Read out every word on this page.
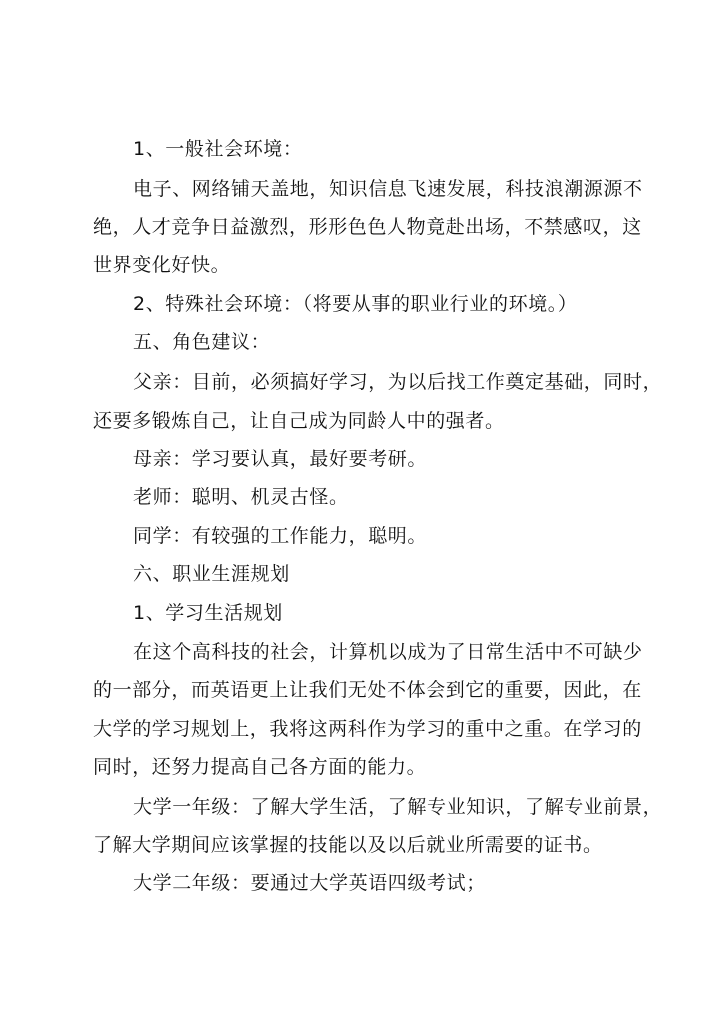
1、一般社会环境：
电子、网络铺天盖地，知识信息飞速发展，科技浪潮源源不
绝，人才竞争日益激烈，形形色色人物竟赴出场，不禁感叹，这
世界变化好快。
2、特殊社会环境：（将要从事的职业行业的环境。）
五、角色建议：
父亲：目前，必须搞好学习，为以后找工作奠定基础，同时，
还要多锻炼自己，让自己成为同龄人中的强者。
母亲：学习要认真，最好要考研。
老师：聪明、机灵古怪。
同学：有较强的工作能力，聪明。
六、职业生涯规划
1、学习生活规划
在这个高科技的社会，计算机以成为了日常生活中不可缺少
的一部分，而英语更上让我们无处不体会到它的重要，因此，在
大学的学习规划上，我将这两科作为学习的重中之重。在学习的
同时，还努力提高自己各方面的能力。
大学一年级：了解大学生活，了解专业知识，了解专业前景，
了解大学期间应该掌握的技能以及以后就业所需要的证书。
大学二年级：要通过大学英语四级考试；
